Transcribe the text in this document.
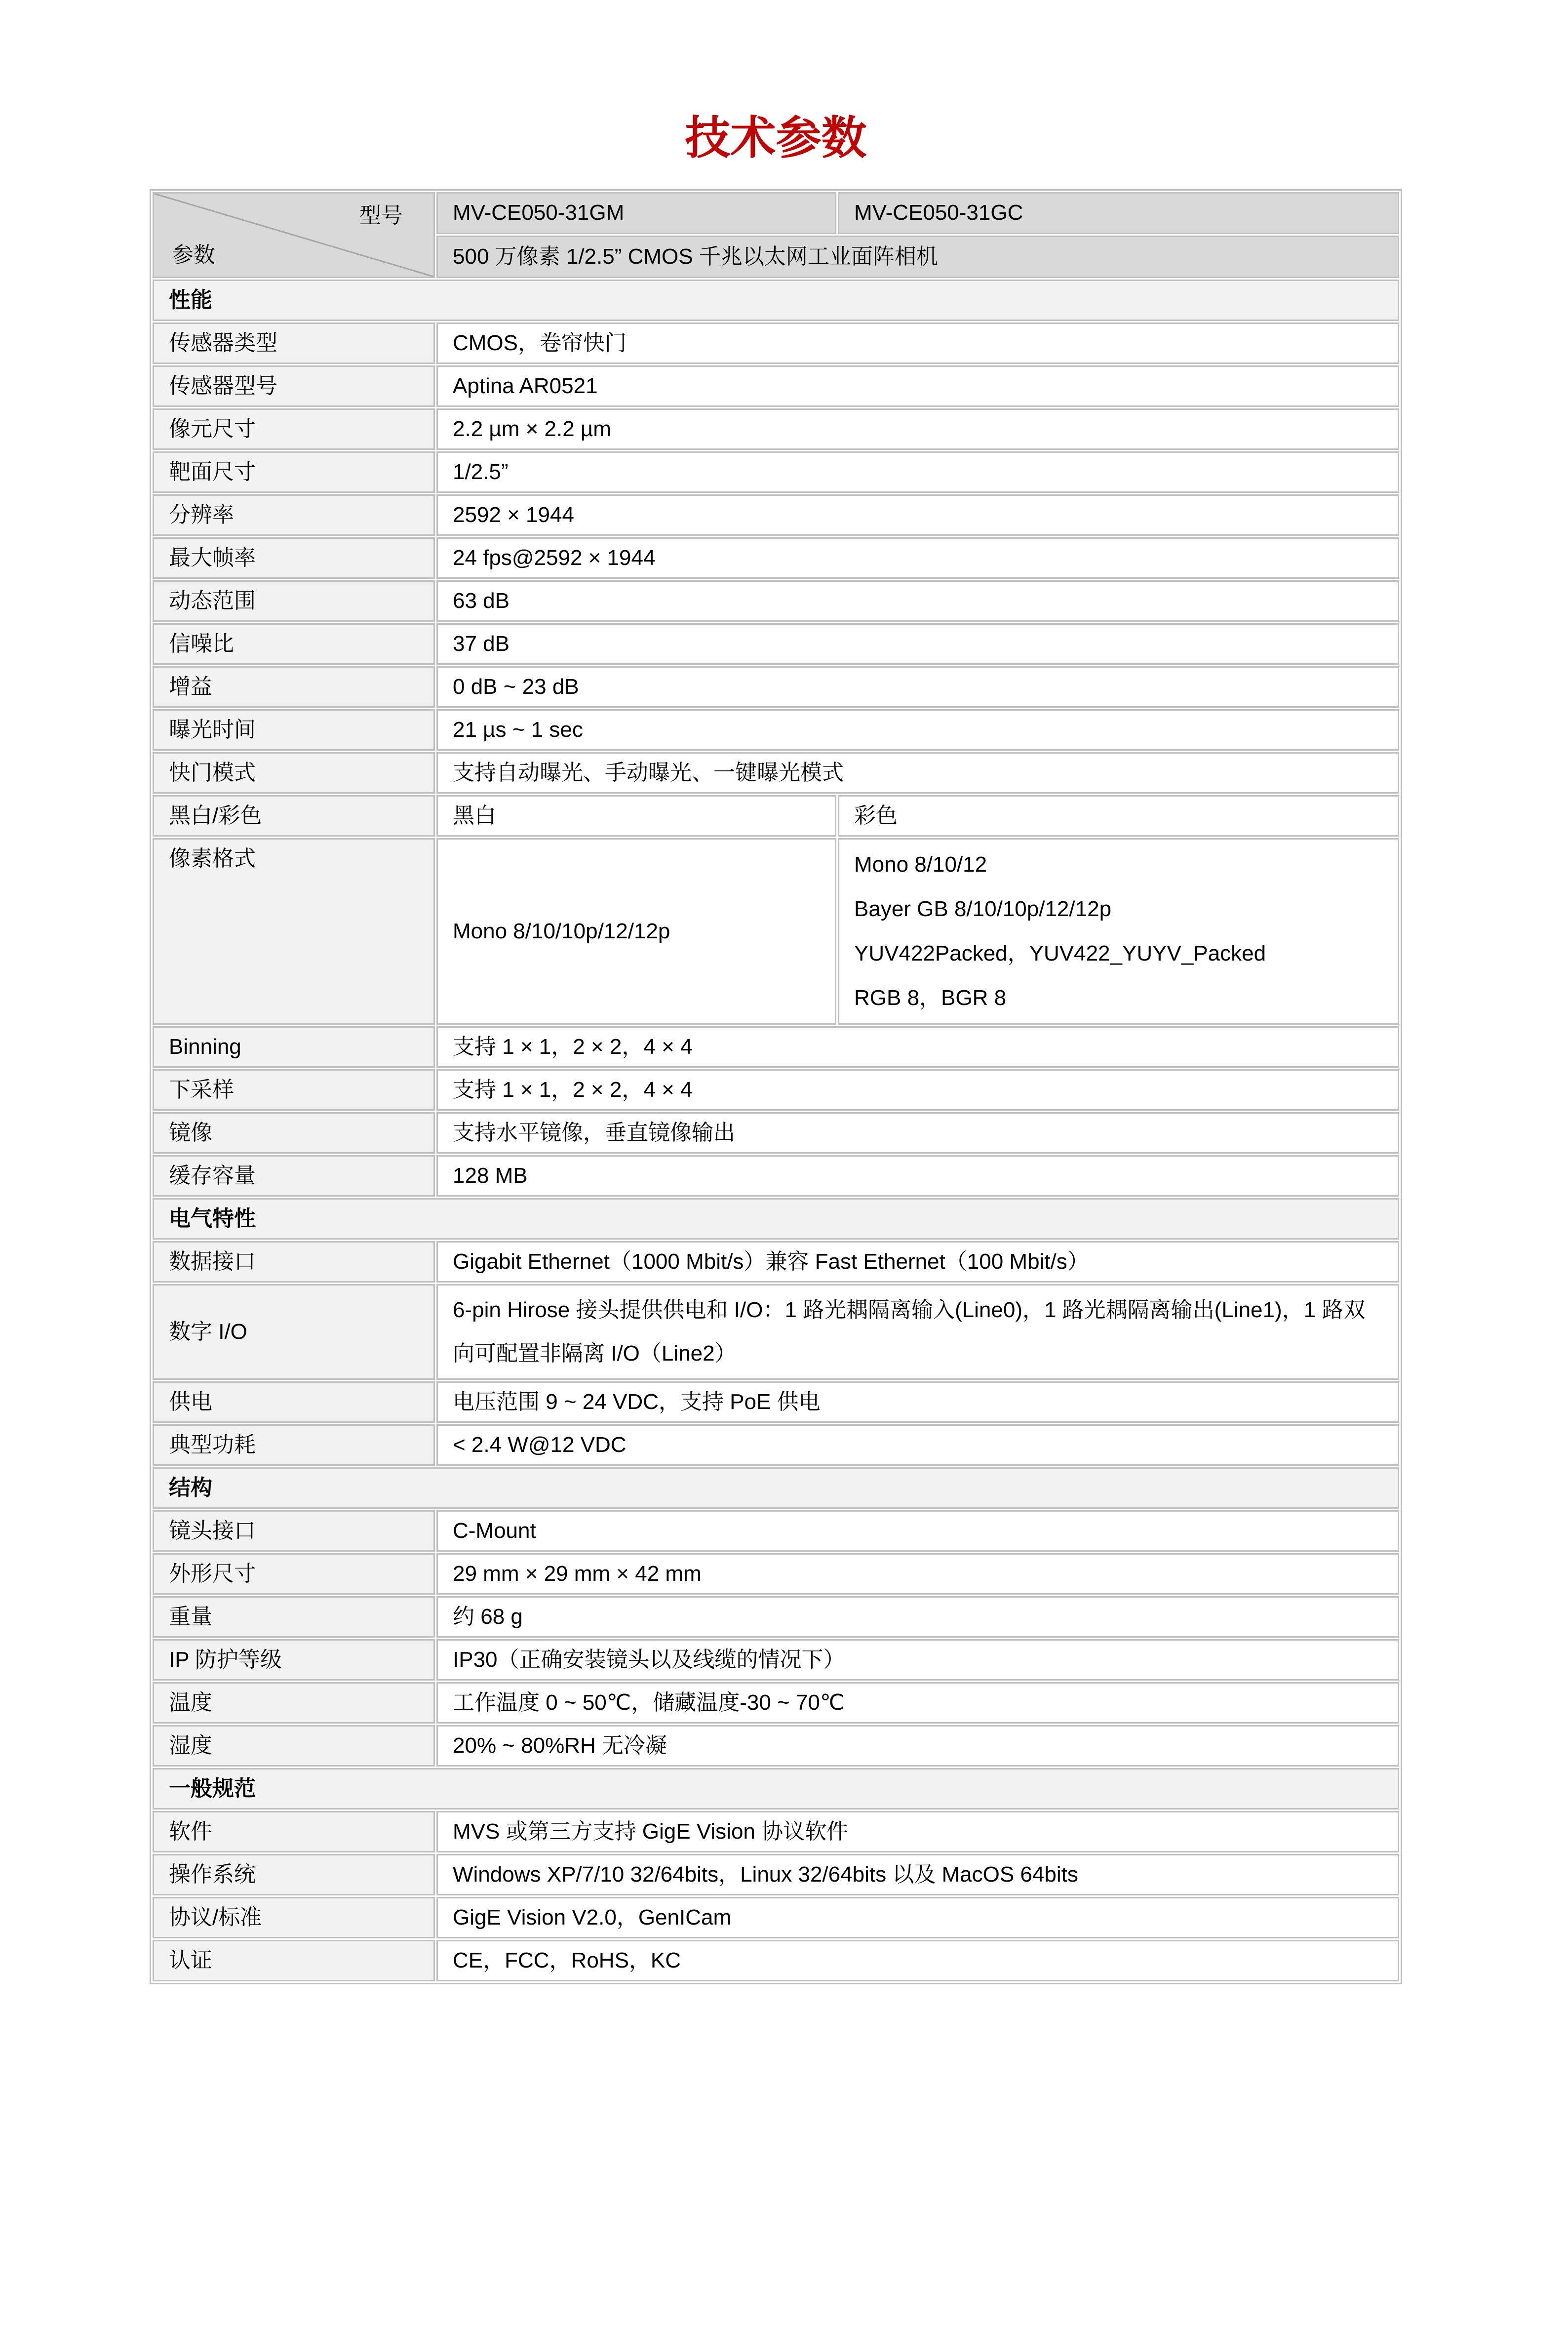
技术参数
型号
参数	MV-CE050-31GM	MV-CE050-31GC
	500 万像素 1/2.5” CMOS 千兆以太网工业面阵相机	
性能		
传感器类型	CMOS，卷帘快门	
传感器型号	Aptina AR0521	
像元尺寸	2.2 µm × 2.2 µm	
靶面尺寸	1/2.5”	
分辨率	2592 × 1944	
最大帧率	24 fps@2592 × 1944	
动态范围	63 dB	
信噪比	37 dB	
增益	0 dB ~ 23 dB	
曝光时间	21 µs ~ 1 sec	
快门模式	支持自动曝光、手动曝光、一键曝光模式	
黑白/彩色	黑白	彩色
像素格式	Mono 8/10/10p/12/12p	Mono 8/10/12
Bayer GB 8/10/10p/12/12p
YUV422Packed，YUV422_YUYV_Packed
RGB 8，BGR 8

Binning	支持 1 × 1，2 × 2，4 × 4	
下采样	支持 1 × 1，2 × 2，4 × 4	
镜像	支持水平镜像，垂直镜像输出	
缓存容量	128 MB	
电气特性		
数据接口	Gigabit Ethernet（1000 Mbit/s）兼容 Fast Ethernet（100 Mbit/s）	
数字 I/O	6-pin Hirose 接头提供供电和 I/O：1 路光耦隔离输入(Line0)，1 路光耦隔离输出(Line1)，1 路双向可配置非隔离 I/O（Line2）	
供电	电压范围 9 ~ 24 VDC，支持 PoE 供电	
典型功耗	< 2.4 W@12 VDC	
结构		
镜头接口	C-Mount	
外形尺寸	29 mm × 29 mm × 42 mm	
重量	约 68 g	
IP 防护等级	IP30（正确安装镜头以及线缆的情况下）	
温度	工作温度 0 ~ 50℃，储藏温度-30 ~ 70℃	
湿度	20% ~ 80%RH 无冷凝	
一般规范		
软件	MVS 或第三方支持 GigE Vision 协议软件	
操作系统	Windows XP/7/10 32/64bits，Linux 32/64bits 以及 MacOS 64bits	
协议/标准	GigE Vision V2.0，GenICam	
认证	CE，FCC，RoHS，KC	
